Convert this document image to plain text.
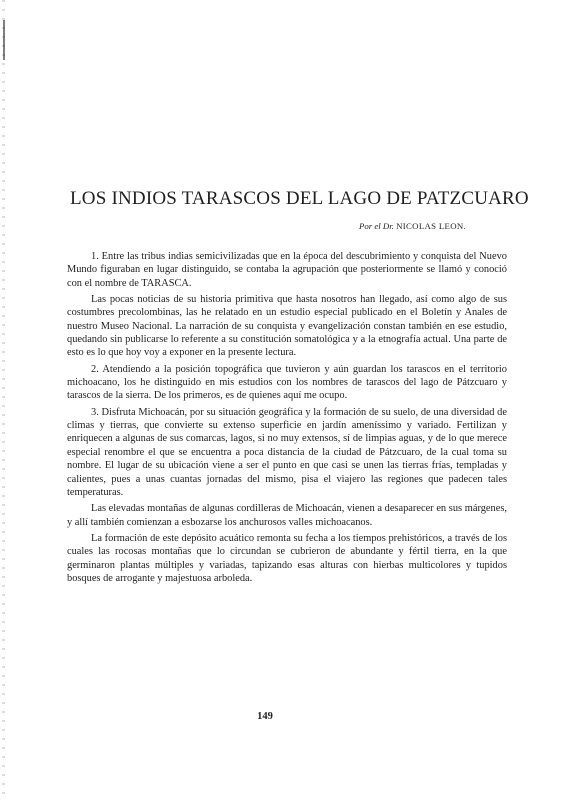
LOS INDIOS TARASCOS DEL LAGO DE PATZCUARO
Por el Dr. NICOLAS LEON.

1. Entre las tribus indias semicivilizadas que en la época del descubrimiento y conquista del Nuevo Mundo figuraban en lugar distinguido, se contaba la agrupación que posteriormente se llamó y conoció con el nombre de TARASCA.

Las pocas noticias de su historia primitiva que hasta nosotros han llegado, así como algo de sus costumbres precolombinas, las he relatado en un estudio especial publicado en el Boletín y Anales de nuestro Museo Nacional. La narración de su conquista y evangelización constan también en ese estudio, quedando sin publicarse lo referente a su constitución somatológica y a la etnografía actual. Una parte de esto es lo que hoy voy a exponer en la presente lectura.

2. Atendiendo a la posición topográfica que tuvieron y aún guardan los tarascos en el territorio michoacano, los he distinguido en mis estudios con los nombres de tarascos del lago de Pátzcuaro y tarascos de la sierra. De los primeros, es de quienes aquí me ocupo.

3. Disfruta Michoacán, por su situación geográfica y la formación de su suelo, de una diversidad de climas y tierras, que convierte su extenso superficie en jardín ameníssimo y variado. Fertilizan y enriquecen a algunas de sus comarcas, lagos, si no muy extensos, sí de limpias aguas, y de lo que merece especial renombre el que se encuentra a poca distancia de la ciudad de Pátzcuaro, de la cual toma su nombre. El lugar de su ubicación viene a ser el punto en que casi se unen las tierras frías, templadas y calientes, pues a unas cuantas jornadas del mismo, pisa el viajero las regiones que padecen tales temperaturas.

Las elevadas montañas de algunas cordilleras de Michoacán, vienen a desaparecer en sus márgenes, y allí también comienzan a esbozarse los anchurosos valles michoacanos.

La formación de este depósito acuático remonta su fecha a los tiempos prehistóricos, a través de los cuales las rocosas montañas que lo circundan se cubrieron de abundante y fértil tierra, en la que germinaron plantas múltiples y variadas, tapizando esas alturas con hierbas multicolores y tupidos bosques de arrogante y majestuosa arboleda.

149
